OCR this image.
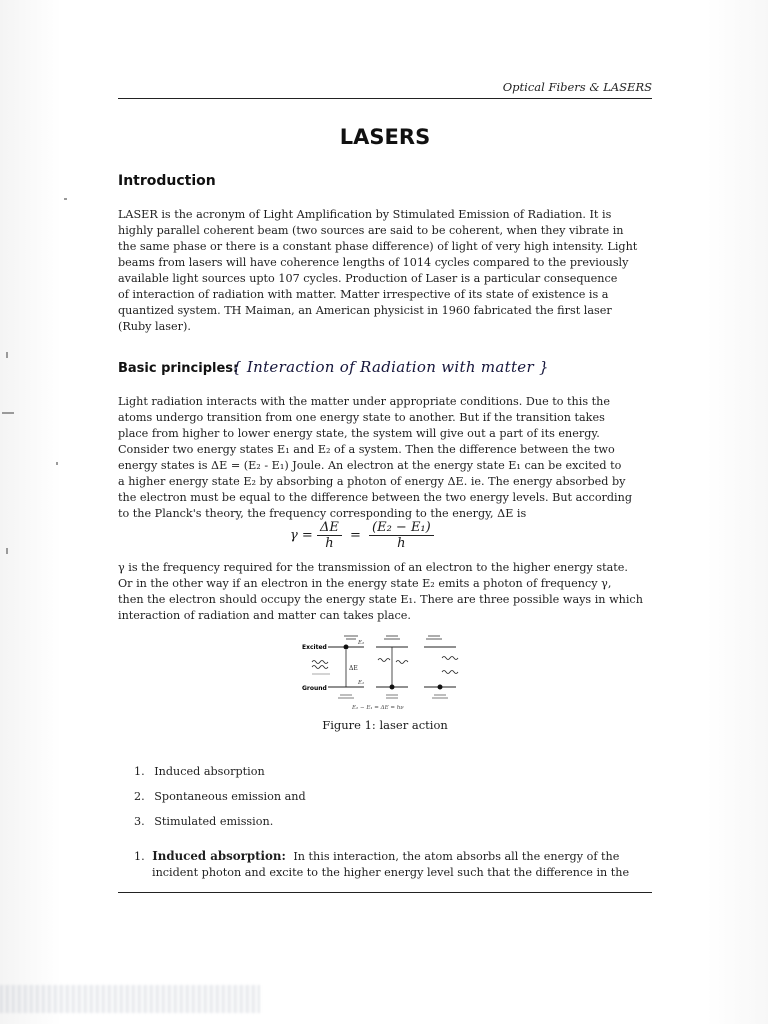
Optical Fibers & LASERS
LASERS
Introduction
LASER is the acronym of Light Amplification by Stimulated Emission of Radiation. It is
highly parallel coherent beam (two sources are said to be coherent, when they vibrate in
the same phase or there is a constant phase difference) of light of very high intensity. Light
beams from lasers will have coherence lengths of 1014 cycles compared to the previously
available light sources upto 107 cycles. Production of Laser is a particular consequence
of interaction of radiation with matter. Matter irrespective of its state of existence is a
quantized system. TH Maiman, an American physicist in 1960 fabricated the first laser
(Ruby laser).
Basic principles:
{ Interaction of Radiation with matter }
Light radiation interacts with the matter under appropriate conditions. Due to this the
atoms undergo transition from one energy state to another. But if the transition takes
place from higher to lower energy state, the system will give out a part of its energy.
Consider two energy states E₁ and E₂ of a system. Then the difference between the two
energy states is ΔE = (E₂ - E₁) Joule. An electron at the energy state E₁ can be excited to
a higher energy state E₂ by absorbing a photon of energy ΔE. ie. The energy absorbed by
the electron must be equal to the difference between the two energy levels. But according
to the Planck's theory, the frequency corresponding to the energy, ΔE is
$\gamma = \frac{\Delta E}{h} = \frac{\text{(E₂ − E₁)}}{h}$
γ is the frequency required for the transmission of an electron to the higher energy state.
Or in the other way if an electron in the energy state E₂ emits a photon of frequency γ,
then the electron should occupy the energy state E₁. There are three possible ways in which
interaction of radiation and matter can takes place.
Excited
Ground
E₂
E₁
ΔE
E₂ − E₁ = ΔE = hν
Figure 1: laser action
1. Induced absorption
2. Spontaneous emission and
3. Stimulated emission.
1. Induced absorption: In this interaction, the atom absorbs all the energy of the
incident photon and excite to the higher energy level such that the difference in the
